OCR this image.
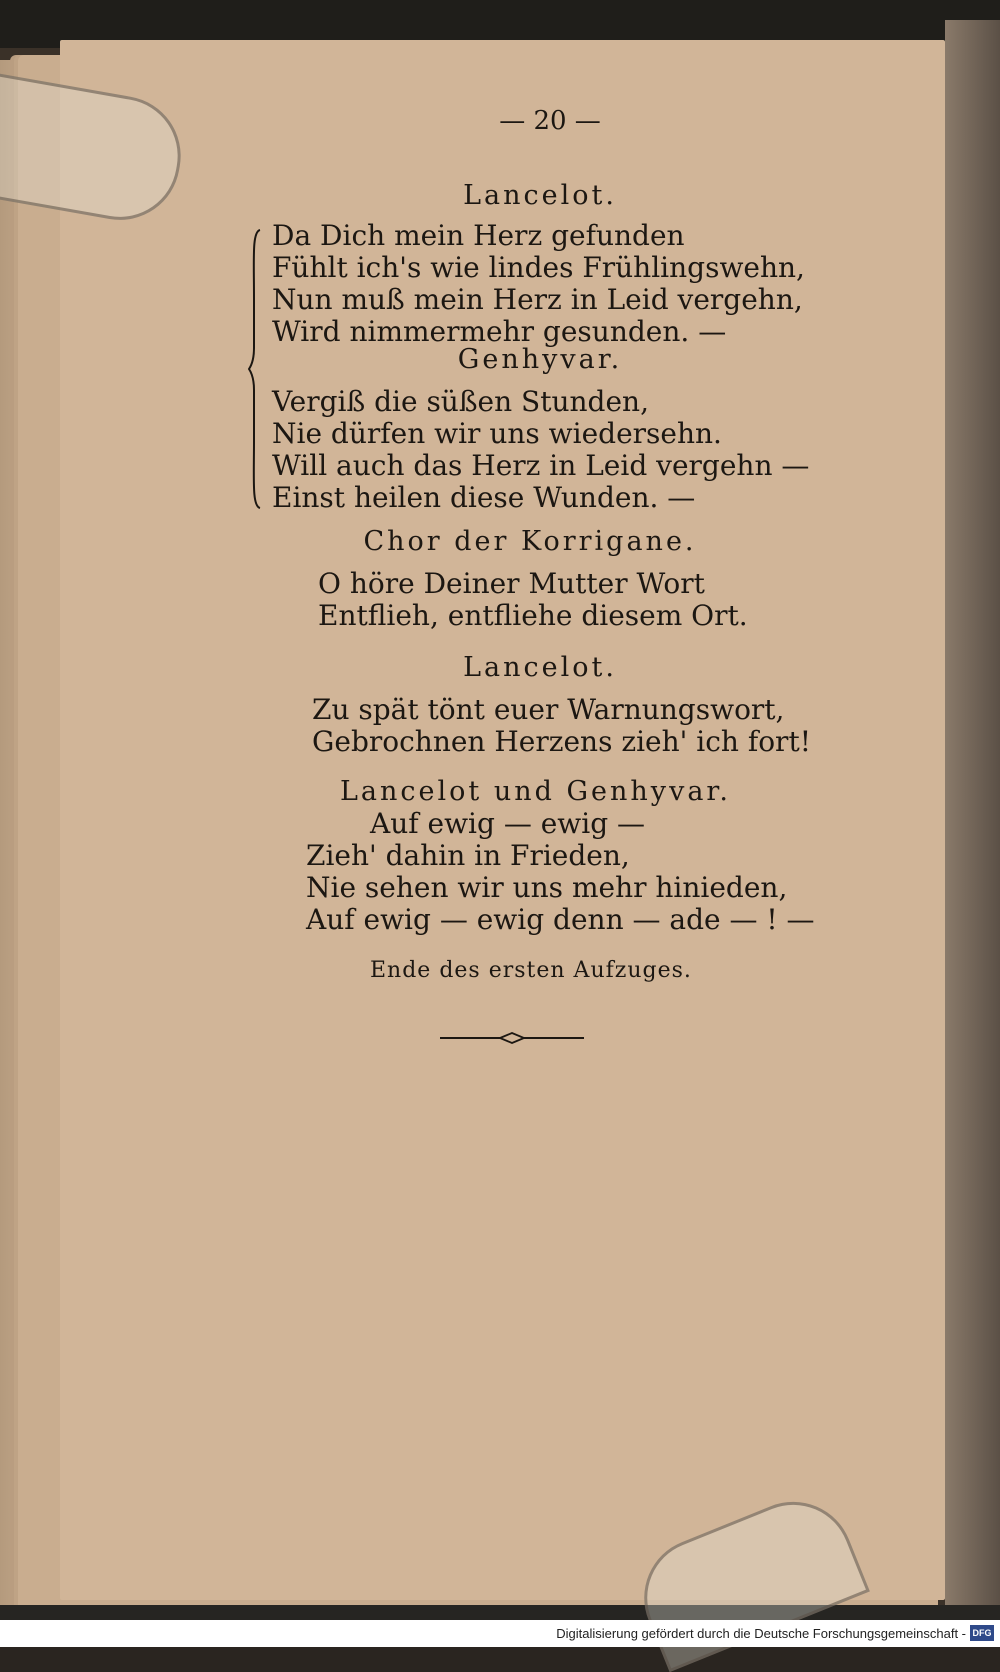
— 20 —
Lancelot.
Da Dich mein Herz gefunden
Fühlt ich's wie lindes Frühlingswehn,
Nun muß mein Herz in Leid vergehn,
Wird nimmermehr gesunden. —
Genhyvar.
Vergiß die süßen Stunden,
Nie dürfen wir uns wiedersehn.
Will auch das Herz in Leid vergehn —
Einst heilen diese Wunden. —
Chor der Korrigane.
O höre Deiner Mutter Wort
Entflieh, entfliehe diesem Ort.
Lancelot.
Zu spät tönt euer Warnungswort,
Gebrochnen Herzens zieh' ich fort!
Lancelot und Genhyvar.
Auf ewig — ewig —
Zieh' dahin in Frieden,
Nie sehen wir uns mehr hinieden,
Auf ewig — ewig denn — ade — ! —
Ende des ersten Aufzuges.
Digitalisierung gefördert durch die Deutsche Forschungsgemeinschaft - DFG
